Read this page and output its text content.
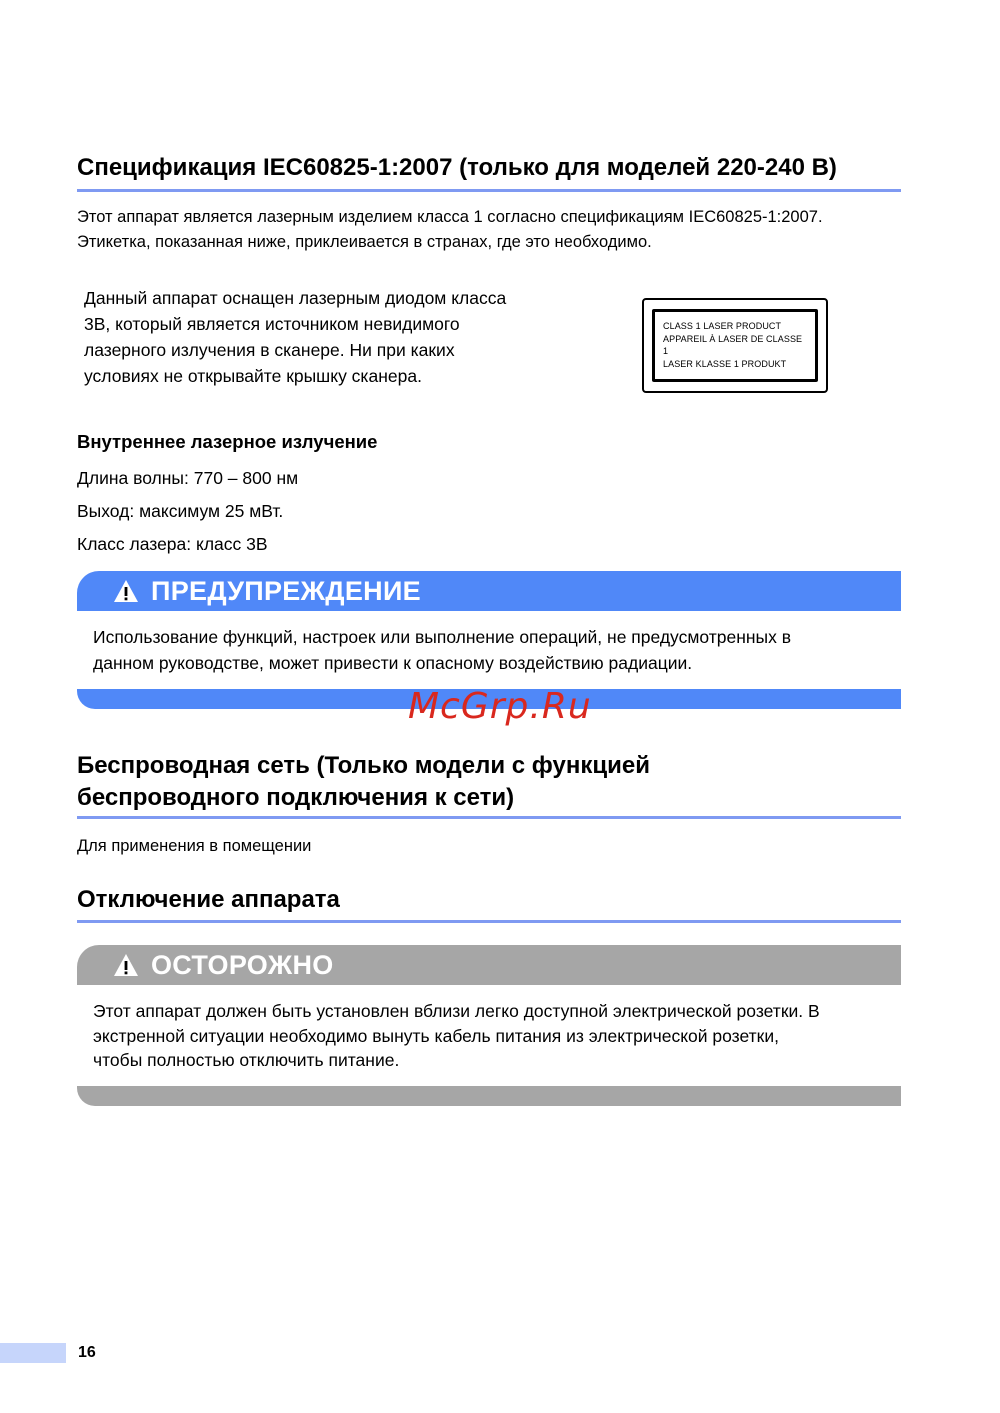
Спецификация IEC60825-1:2007 (только для моделей 220-240 В)

Этот аппарат является лазерным изделием класса 1 согласно спецификациям IEC60825-1:2007.

Этикетка, показанная ниже, приклеивается в странах, где это необходимо.

Данный аппарат оснащен лазерным диодом класса

3B, который является источником невидимого

лазерного излучения в сканере. Ни при каких

условиях не открывайте крышку сканера.

CLASS 1 LASER PRODUCT
APPAREIL À LASER DE CLASSE 1
LASER KLASSE 1 PRODUKT
Внутреннее лазерное излучение

Длина волны: 770 – 800 нм

Выход: максимум 25 мВт.

Класс лазера: класс 3B

ПРЕДУПРЕЖДЕНИЕ

Использование функций, настроек или выполнение операций, не предусмотренных в

данном руководстве, может привести к опасному воздействию радиации.

McGrp.Ru
Беспроводная сеть (Только модели с функцией
беспроводного подключения к сети)

Для применения в помещении

Отключение аппарата
ОСТОРОЖНО

Этот аппарат должен быть установлен вблизи легко доступной электрической розетки. В

экстренной ситуации необходимо вынуть кабель питания из электрической розетки,

чтобы полностью отключить питание.

16
